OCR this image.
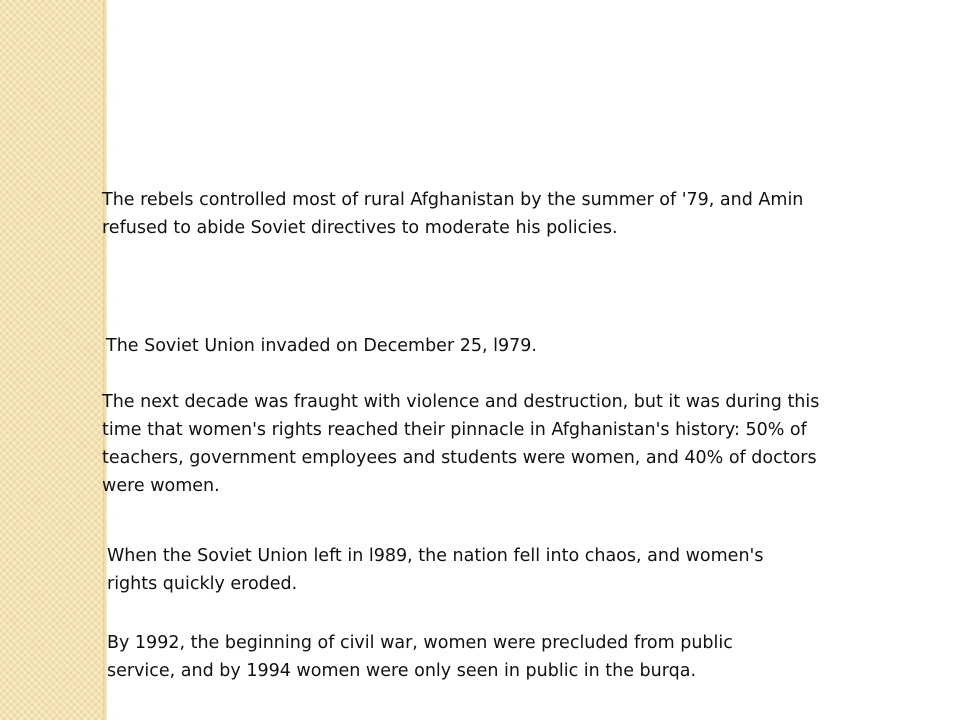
The rebels controlled most of rural Afghanistan by the summer of '79, and Amin
refused to abide Soviet directives to moderate his policies.

The Soviet Union invaded on December 25, l979.

The next decade was fraught with violence and destruction, but it was during this
time that women's rights reached their pinnacle in Afghanistan's history: 50% of
teachers, government employees and students were women, and 40% of doctors
were women.

When the Soviet Union left in l989, the nation fell into chaos, and women's
rights quickly eroded.

By 1992, the beginning of civil war, women were precluded from public
service, and by 1994 women were only seen in public in the burqa.
